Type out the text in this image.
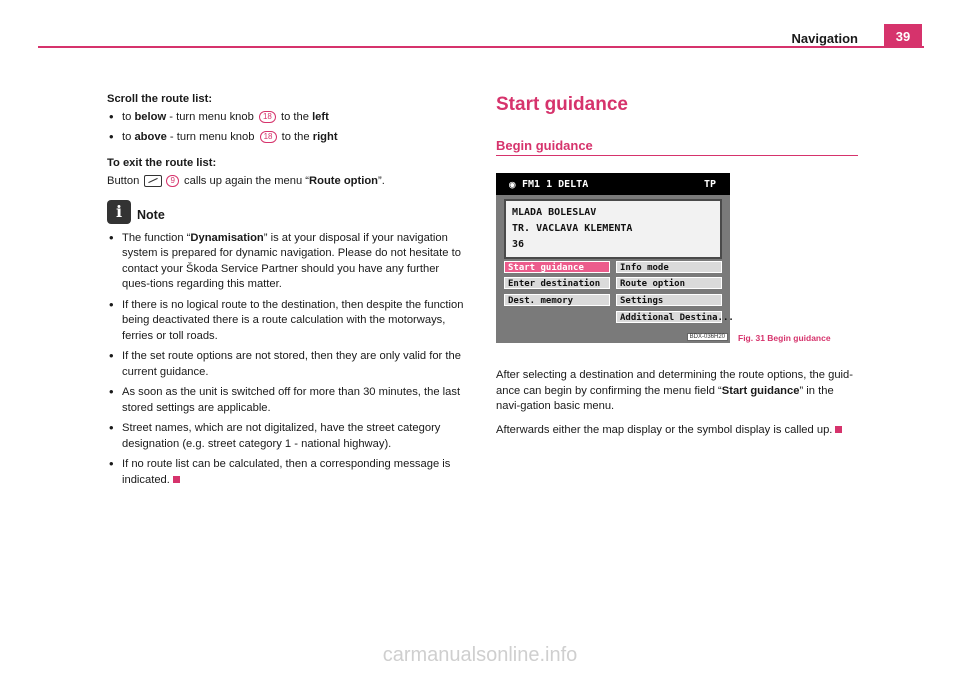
Navigation	39

Scroll the route list:

• to below - turn menu knob 18 to the left

• to above - turn menu knob 18 to the right

To exit the route list:

Button	9 calls up again the menu “Route option”.

i	Note

• The function “Dynamisation” is at your disposal if your navigation system is prepared for dynamic navigation. Please do not hesitate to contact your Škoda Service Partner should you have any further ques-tions regarding this matter.

• If there is no logical route to the destination, then despite the function being deactivated there is a route calculation with the motorways, ferries or toll roads.

• If the set route options are not stored, then they are only valid for the current guidance.

• As soon as the unit is switched off for more than 30 minutes, the last stored settings are applicable.

• Street names, which are not digitalized, have the street category designation (e.g. street category 1 - national highway).

• If no route list can be calculated, then a corresponding message is indicated.

Start guidance
Begin guidance
◉ FM1 1 DELTA	TP
MLADA BOLESLAV
TR. VACLAVA KLEMENTA
36
Start guidance
Enter destination
Dest. memory
Info mode
Route option
Settings
Additional Destina...
BDX-036H20	Fig. 31 Begin guidance

After selecting a destination and determining the route options, the guid-ance can begin by confirming the menu field “Start guidance” in the navi-gation basic menu.

Afterwards either the map display or the symbol display is called up.

carmanualsonline.info
